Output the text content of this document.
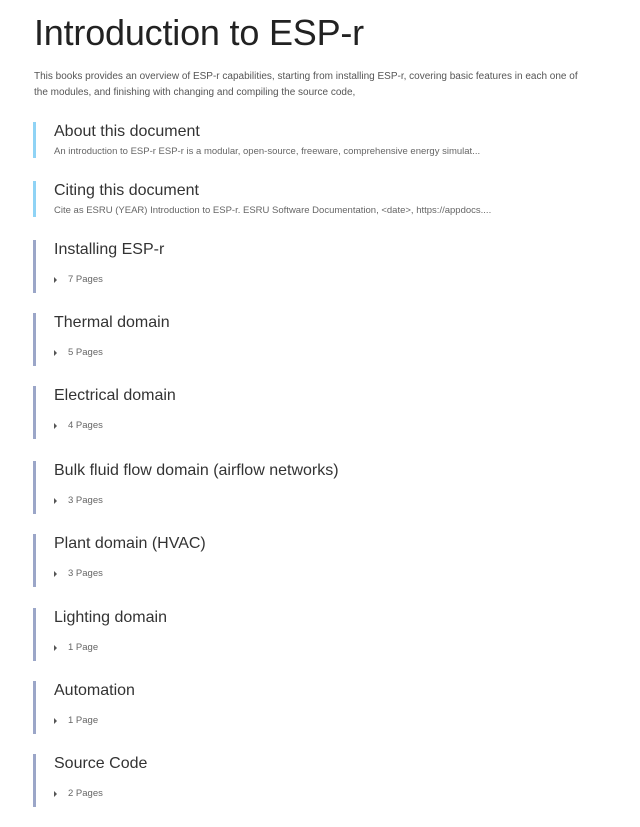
Introduction to ESP-r

This books provides an overview of ESP-r capabilities, starting from installing ESP-r, covering basic features in each one of the modules, and finishing with changing and compiling the source code,

About this document
An introduction to ESP-r ESP-r is a modular, open-source, freeware, comprehensive energy simulat...
Citing this document
Cite as ESRU (YEAR) Introduction to ESP-r. ESRU Software Documentation, <date>, https://appdocs....
Installing ESP-r
7 Pages
Thermal domain
5 Pages
Electrical domain
4 Pages
Bulk fluid flow domain (airflow networks)
3 Pages
Plant domain (HVAC)
3 Pages
Lighting domain
1 Page
Automation
1 Page
Source Code
2 Pages
